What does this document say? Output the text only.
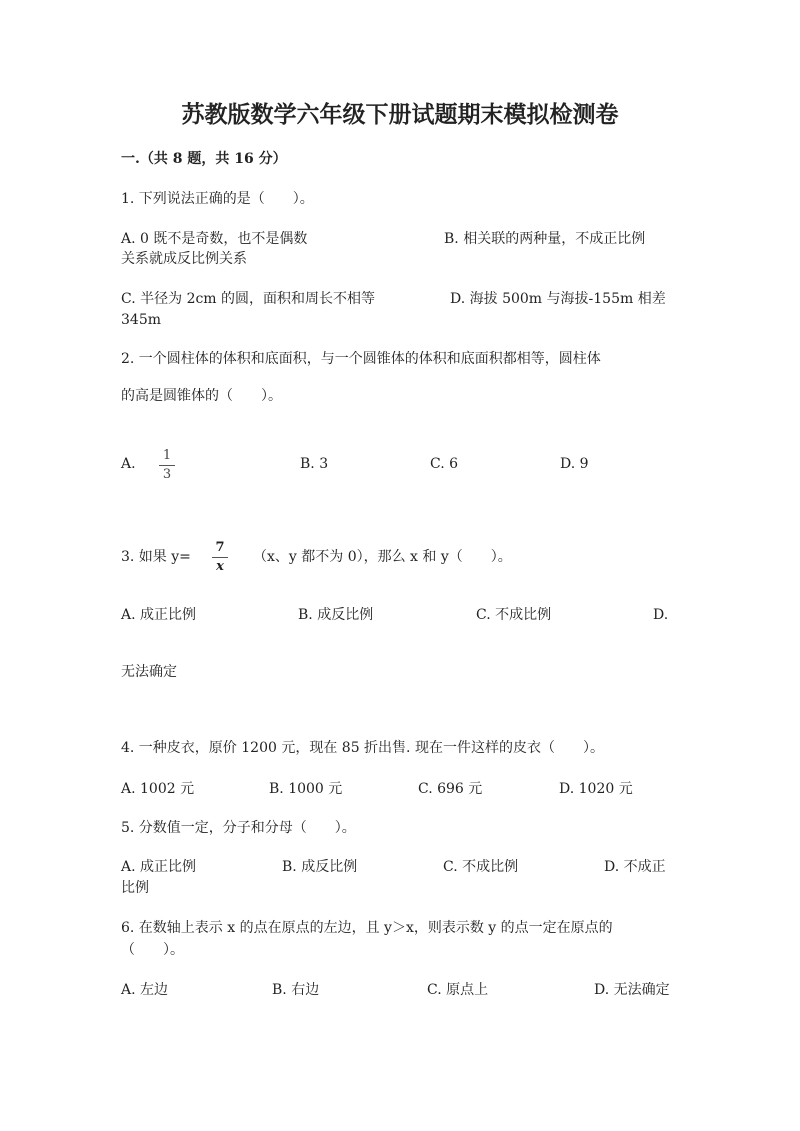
苏教版数学六年级下册试题期末模拟检测卷
一.（共 8 题，共 16 分）
1. 下列说法正确的是（　　）。
A. 0 既不是奇数，也不是偶数	B. 相关联的两种量，不成正比例
关系就成反比例关系
C. 半径为 2cm 的圆，面积和周长不相等	D. 海拔 500m 与海拔-155m 相差
345m
2. 一个圆柱体的体积和底面积，与一个圆锥体的体积和底面积都相等，圆柱体
的高是圆锥体的（　　）。
A.
1
3
B. 3	C. 6	D. 9
3. 如果 y=
7
x
（x、y 都不为 0），那么 x 和 y（　　）。
A. 成正比例	B. 成反比例	C. 不成比例	D.
无法确定
4. 一种皮衣，原价 1200 元，现在 85 折出售. 现在一件这样的皮衣（　　）。
A. 1002 元	B. 1000 元	C. 696 元	D. 1020 元
5. 分数值一定，分子和分母（　　）。
A. 成正比例	B. 成反比例	C. 不成比例	D. 不成正
比例
6. 在数轴上表示 x 的点在原点的左边，且 y＞x，则表示数 y 的点一定在原点的
（　　）。
A. 左边	B. 右边	C. 原点上	D. 无法确定
